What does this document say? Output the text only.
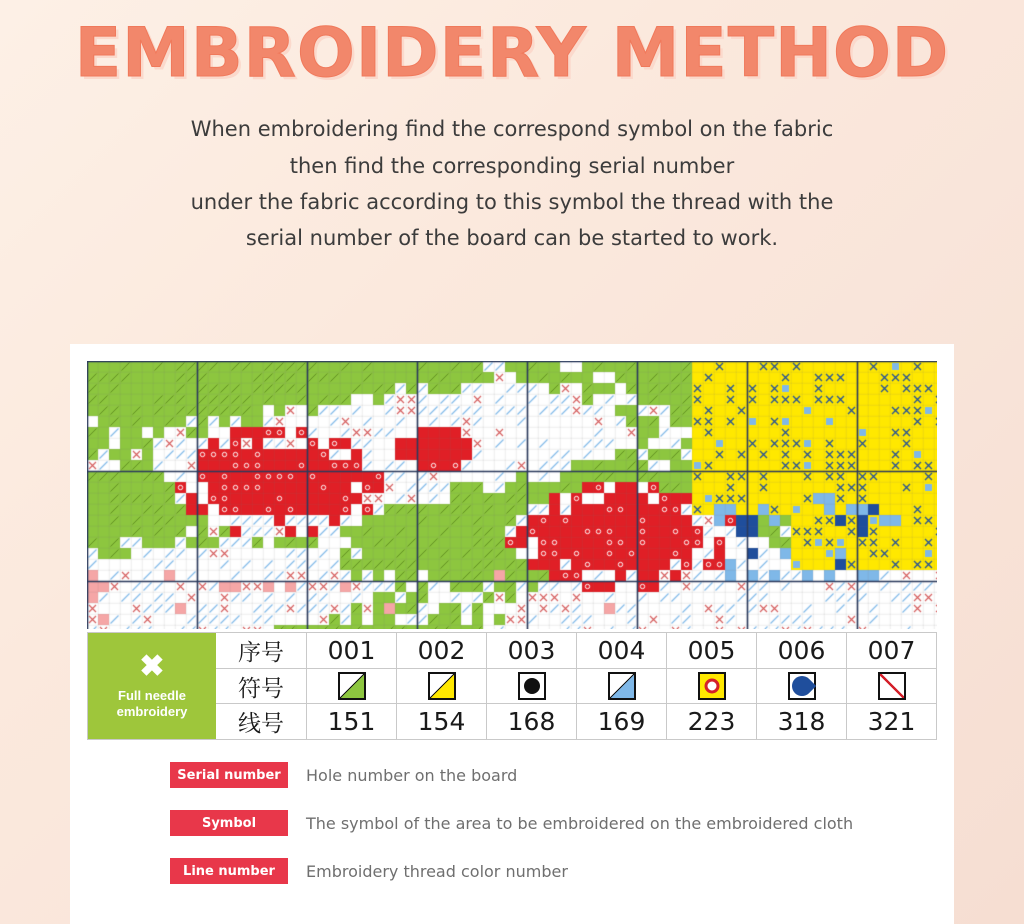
EMBROIDERY METHOD
When embroidering find the correspond symbol on the fabric
then find the corresponding serial number
under the fabric according to this symbol the thread with the
serial number of the board can be started to work.
✖
Full needle
embroidery
序号	001	002	003	004	005	006	007
符号
线号	151	154	168	169	223	318	321
Serial number	Hole number on the board
Symbol	The symbol of the area to be embroidered on the embroidered cloth
Line number	Embroidery thread color number
